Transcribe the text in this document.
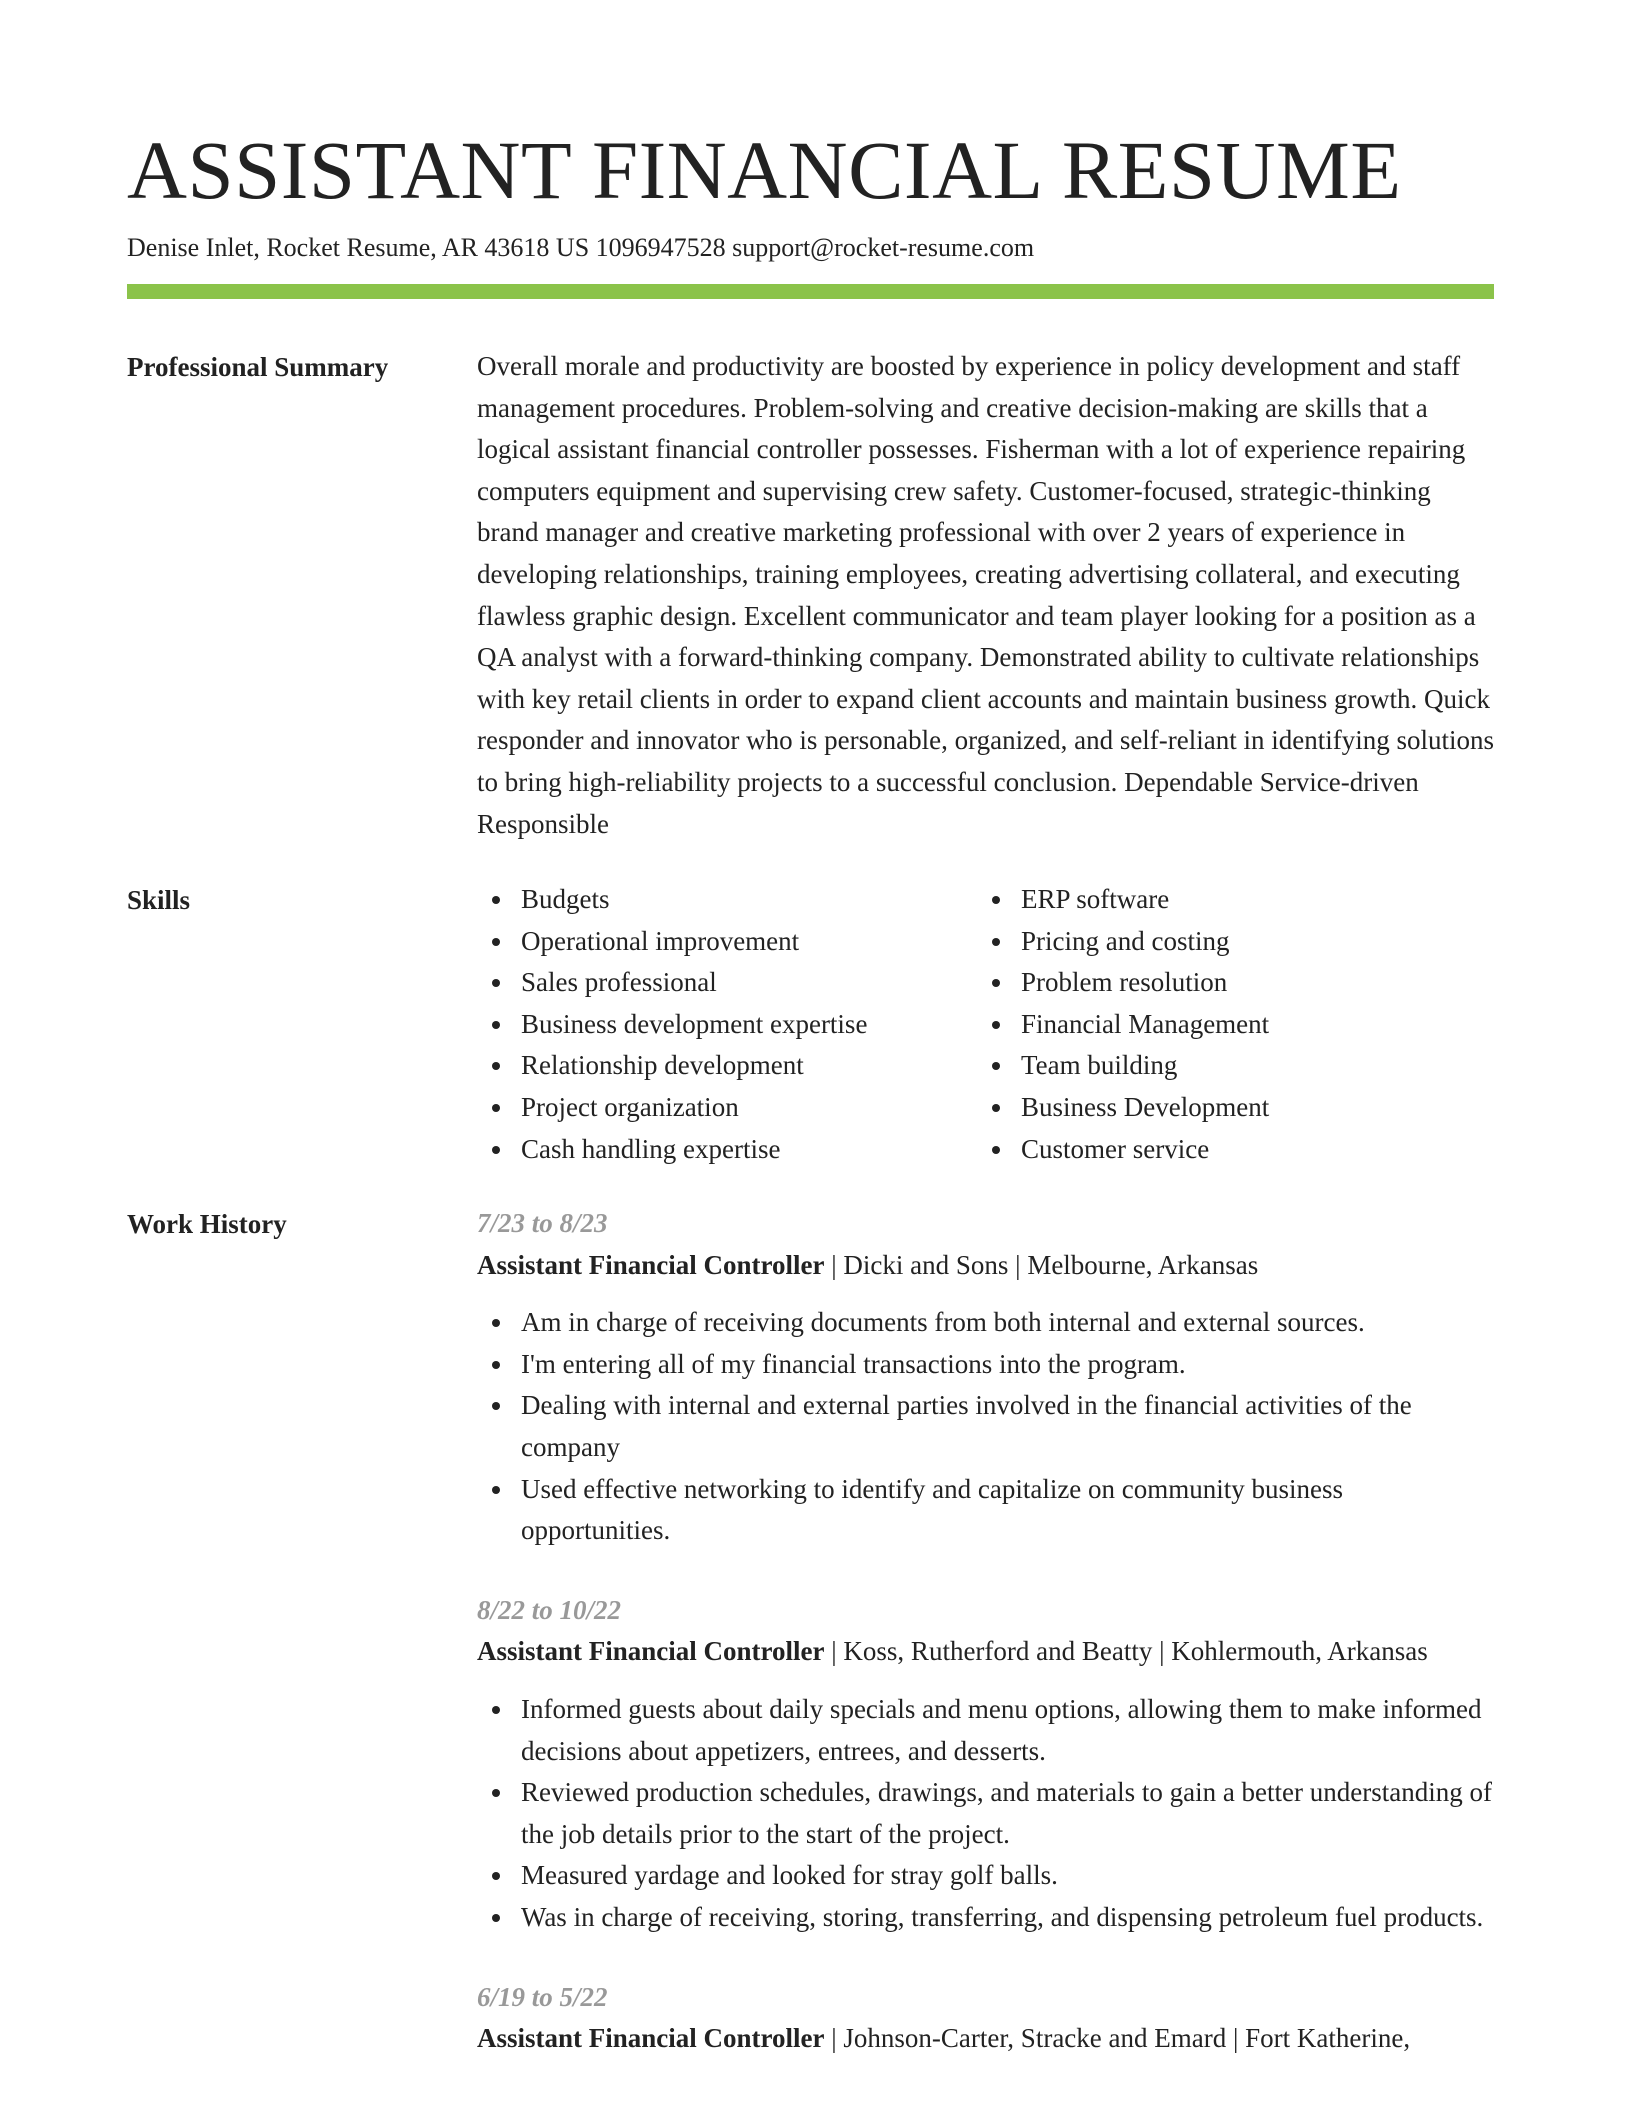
ASSISTANT FINANCIAL RESUME
Denise Inlet, Rocket Resume, AR 43618 US 1096947528 support@rocket-resume.com
Professional Summary	Overall morale and productivity are boosted by experience in policy development and staff management procedures. Problem-solving and creative decision-making are skills that a logical assistant financial controller possesses. Fisherman with a lot of experience repairing computers equipment and supervising crew safety. Customer-focused, strategic-thinking brand manager and creative marketing professional with over 2 years of experience in developing relationships, training employees, creating advertising collateral, and executing flawless graphic design. Excellent communicator and team player looking for a position as a QA analyst with a forward-thinking company. Demonstrated ability to cultivate relationships with key retail clients in order to expand client accounts and maintain business growth. Quick responder and innovator who is personable, organized, and self-reliant in identifying solutions to bring high-reliability projects to a successful conclusion. Dependable Service-driven Responsible

Skills	Budgets
Operational improvement
Sales professional
Business development expertise
Relationship development
Project organization
Cash handling expertise
ERP software
Pricing and costing
Problem resolution
Financial Management
Team building
Business Development
Customer service
Work History	7/23 to 8/23
Assistant Financial Controller | Dicki and Sons | Melbourne, Arkansas
Am in charge of receiving documents from both internal and external sources.
I'm entering all of my financial transactions into the program.
Dealing with internal and external parties involved in the financial activities of the company
Used effective networking to identify and capitalize on community business opportunities.
8/22 to 10/22
Assistant Financial Controller | Koss, Rutherford and Beatty | Kohlermouth, Arkansas
Informed guests about daily specials and menu options, allowing them to make informed decisions about appetizers, entrees, and desserts.
Reviewed production schedules, drawings, and materials to gain a better understanding of the job details prior to the start of the project.
Measured yardage and looked for stray golf balls.
Was in charge of receiving, storing, transferring, and dispensing petroleum fuel products.
6/19 to 5/22
Assistant Financial Controller | Johnson-Carter, Stracke and Emard | Fort Katherine,
